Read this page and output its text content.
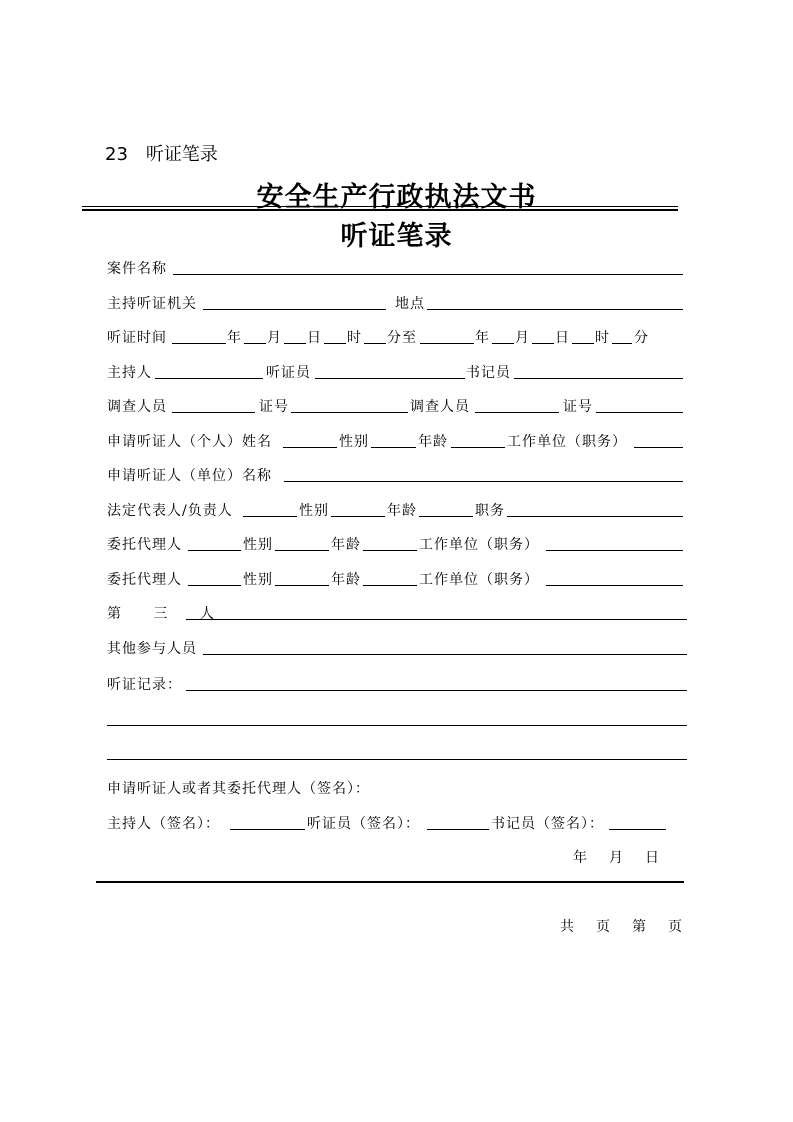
23 听证笔录
安全生产行政执法文书
听证笔录
案件名称
主持听证机关	地点
听证时间	年 月 日 时 分至	年 月 日 时 分
主持人	听证员	书记员
调查人员	证号	调查人员	证号
申请听证人（个人）姓名	性别	年龄	工作单位（职务）
申请听证人（单位）名称
法定代表人/负责人	性别	年龄	职务
委托代理人	性别	年龄	工作单位（职务）
委托代理人	性别	年龄	工作单位（职务）
第 三 人
其他参与人员
听证记录：
申请听证人或者其委托代理人（签名）：
主持人（签名）：	听证员（签名）：	书记员（签名）：
年　月　日
共　页　第　页
